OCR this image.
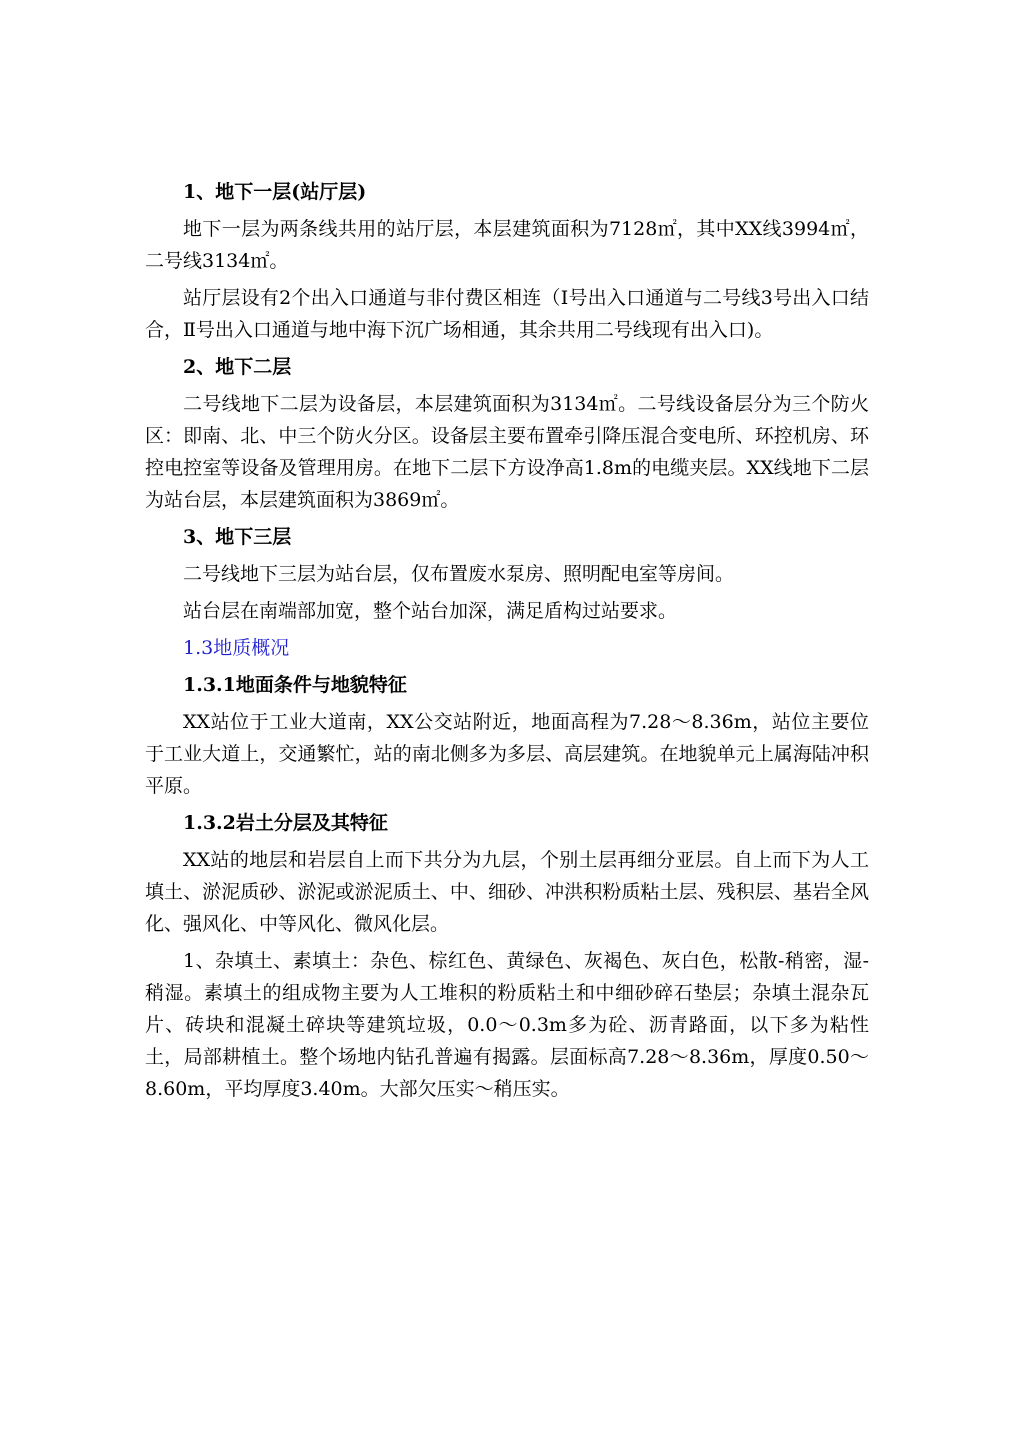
1、地下一层(站厅层)
地下一层为两条线共用的站厅层，本层建筑面积为7128㎡，其中XX线3994㎡，二号线3134㎡。
站厅层设有2个出入口通道与非付费区相连（Ⅰ号出入口通道与二号线3号出入口结合，Ⅱ号出入口通道与地中海下沉广场相通，其余共用二号线现有出入口)。
2、地下二层
二号线地下二层为设备层，本层建筑面积为3134㎡。二号线设备层分为三个防火区：即南、北、中三个防火分区。设备层主要布置牵引降压混合变电所、环控机房、环控电控室等设备及管理用房。在地下二层下方设净高1.8m的电缆夹层。XX线地下二层为站台层，本层建筑面积为3869㎡。
3、地下三层
二号线地下三层为站台层，仅布置废水泵房、照明配电室等房间。
站台层在南端部加宽，整个站台加深，满足盾构过站要求。
1.3地质概况
1.3.1地面条件与地貌特征
XX站位于工业大道南，XX公交站附近，地面高程为7.28～8.36m，站位主要位于工业大道上，交通繁忙，站的南北侧多为多层、高层建筑。在地貌单元上属海陆冲积平原。
1.3.2岩土分层及其特征
XX站的地层和岩层自上而下共分为九层，个别土层再细分亚层。自上而下为人工填土、淤泥质砂、淤泥或淤泥质土、中、细砂、冲洪积粉质粘土层、残积层、基岩全风化、强风化、中等风化、微风化层。
1、杂填土、素填土：杂色、棕红色、黄绿色、灰褐色、灰白色，松散-稍密，湿-稍湿。素填土的组成物主要为人工堆积的粉质粘土和中细砂碎石垫层；杂填土混杂瓦片、砖块和混凝土碎块等建筑垃圾，0.0～0.3m多为砼、沥青路面，以下多为粘性土，局部耕植土。整个场地内钻孔普遍有揭露。层面标高7.28～8.36m，厚度0.50～8.60m，平均厚度3.40m。大部欠压实～稍压实。
